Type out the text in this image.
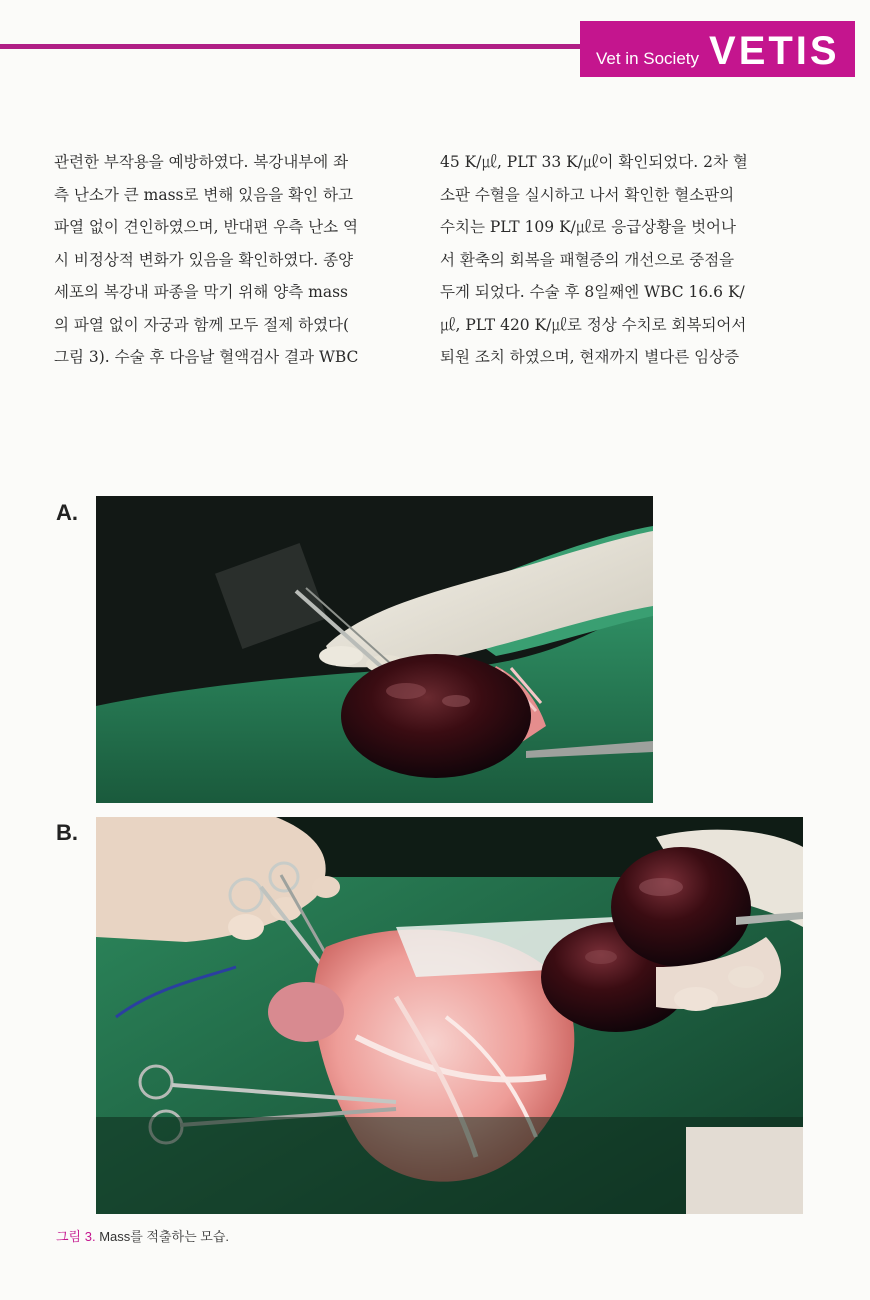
Vet in Society VETIS
관련한 부작용을 예방하였다. 복강내부에 좌
측 난소가 큰 mass로 변해 있음을 확인 하고
파열 없이 견인하였으며, 반대편 우측 난소 역
시 비정상적 변화가 있음을 확인하였다. 종양
세포의 복강내 파종을 막기 위해 양측 mass
의 파열 없이 자궁과 함께 모두 절제 하였다(
그림 3). 수술 후 다음날 혈액검사 결과 WBC
45 K/㎕, PLT 33 K/㎕이 확인되었다. 2차 혈
소판 수혈을 실시하고 나서 확인한 혈소판의
수치는 PLT 109 K/㎕로 응급상황을 벗어나
서 환축의 회복을 패혈증의 개선으로 중점을
두게 되었다. 수술 후 8일째엔 WBC 16.6 K/
㎕, PLT 420 K/㎕로 정상 수치로 회복되어서
퇴원 조치 하였으며, 현재까지 별다른 임상증
A.
B.
그림 3. Mass를 적출하는 모습.
